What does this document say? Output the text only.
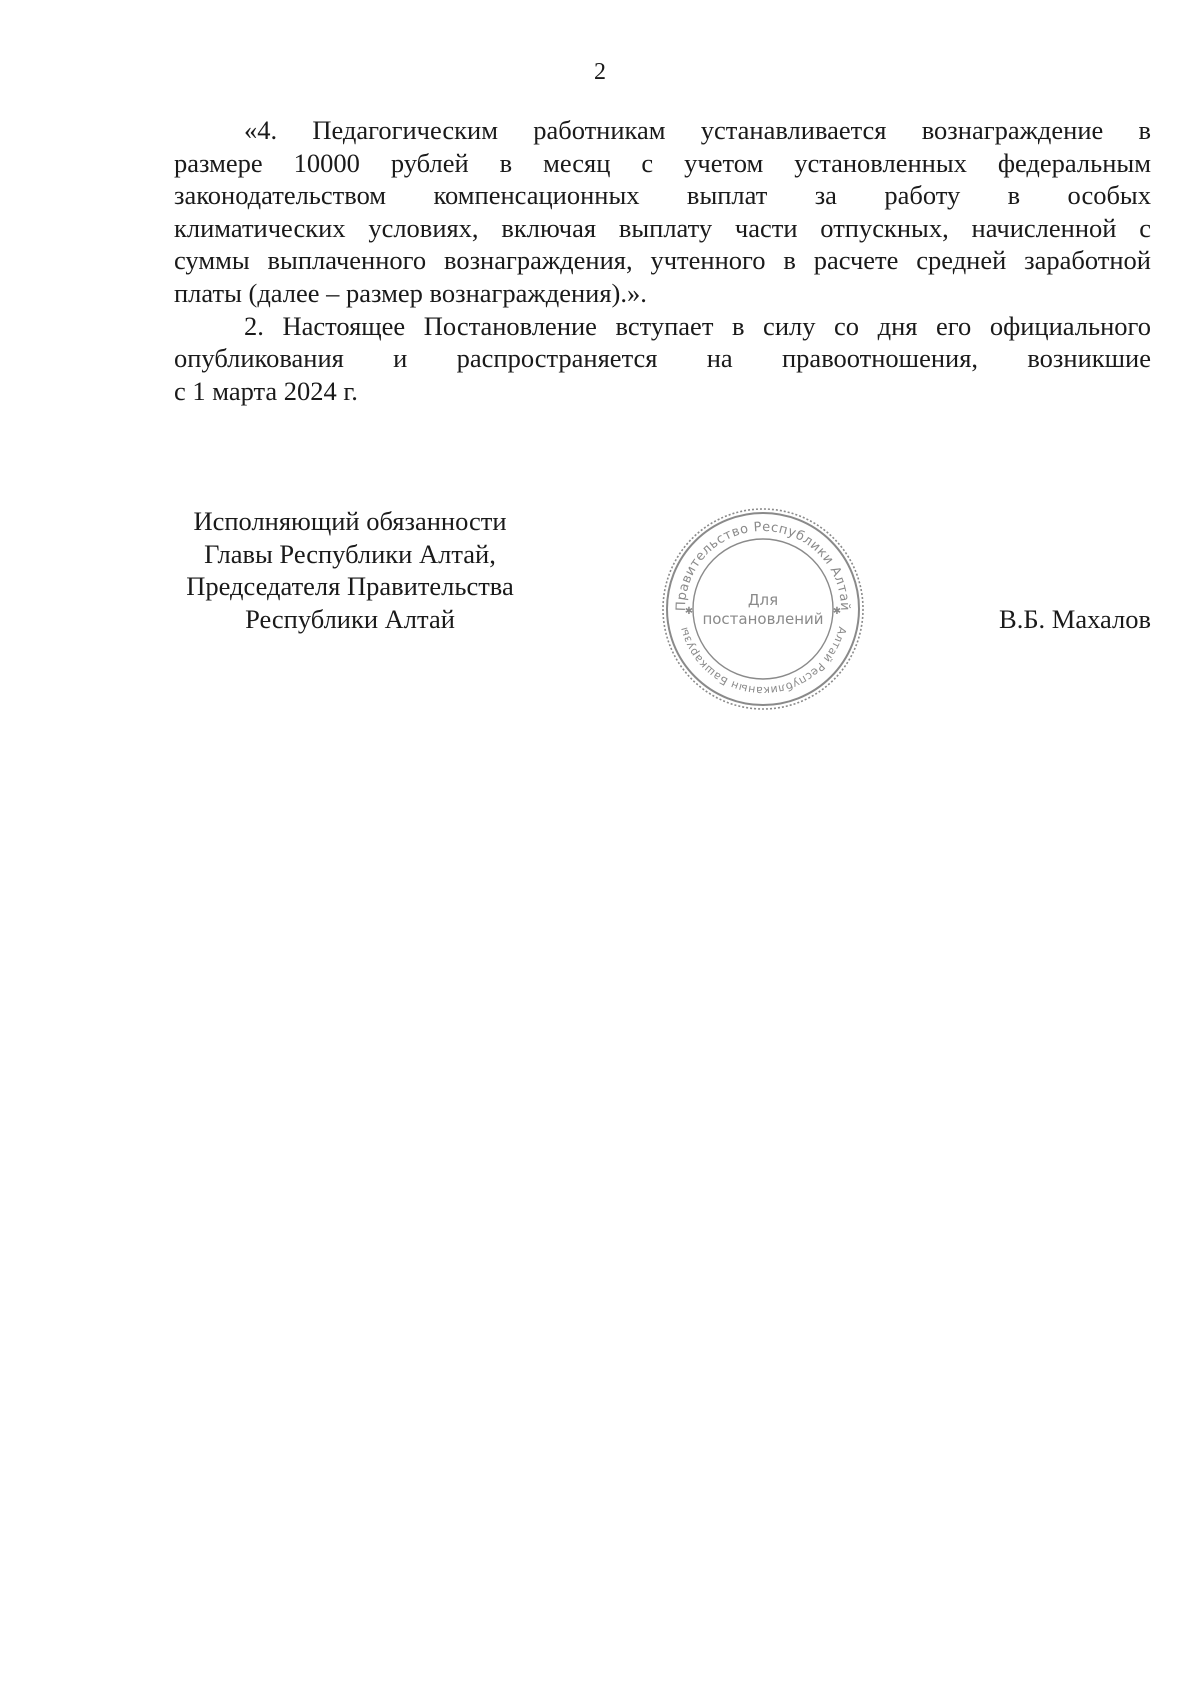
2

«4. Педагогическим работникам устанавливается вознаграждение в
размере 10000 рублей в месяц с учетом установленных федеральным
законодательством компенсационных выплат за работу в особых
климатических условиях, включая выплату части отпускных, начисленной с
суммы выплаченного вознаграждения, учтенного в расчете средней заработной
платы (далее – размер вознаграждения).».

2. Настоящее Постановление вступает в силу со дня его официального
опубликования и распространяется на правоотношения, возникшие
с 1 марта 2024 г.

Исполняющий обязанности
Главы Республики Алтай,
Председателя Правительства
Республики Алтай	Правительство Республики Алтай
Алтай Республиканын Башкарузы
✱	✱
Для
постановлений	В.Б. Махалов
